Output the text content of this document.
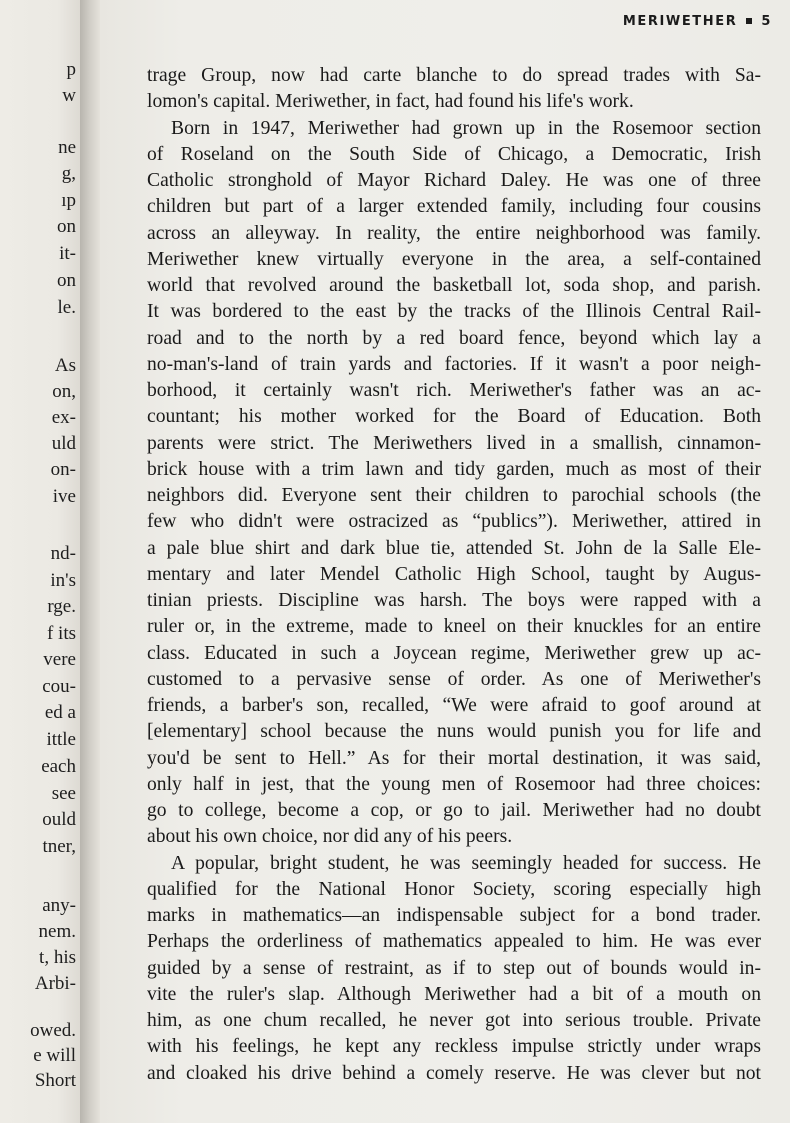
p
w
ne
g,
ıp
on
it-
on
le.
As
on,
ex-
uld
on-
ive
nd-
in's
rge.
f its
vere
cou-
ed a
ittle
each
see
ould
tner,
any-
nem.
t, his
Arbi-
owed.
e will
Short
MERIWETHER 5
trage Group, now had carte blanche to do spread trades with Sa-
lomon's capital. Meriwether, in fact, had found his life's work.
Born in 1947, Meriwether had grown up in the Rosemoor section
of Roseland on the South Side of Chicago, a Democratic, Irish
Catholic stronghold of Mayor Richard Daley. He was one of three
children but part of a larger extended family, including four cousins
across an alleyway. In reality, the entire neighborhood was family.
Meriwether knew virtually everyone in the area, a self-contained
world that revolved around the basketball lot, soda shop, and parish.
It was bordered to the east by the tracks of the Illinois Central Rail-
road and to the north by a red board fence, beyond which lay a
no-man's-land of train yards and factories. If it wasn't a poor neigh-
borhood, it certainly wasn't rich. Meriwether's father was an ac-
countant; his mother worked for the Board of Education. Both
parents were strict. The Meriwethers lived in a smallish, cinnamon-
brick house with a trim lawn and tidy garden, much as most of their
neighbors did. Everyone sent their children to parochial schools (the
few who didn't were ostracized as “publics”). Meriwether, attired in
a pale blue shirt and dark blue tie, attended St. John de la Salle Ele-
mentary and later Mendel Catholic High School, taught by Augus-
tinian priests. Discipline was harsh. The boys were rapped with a
ruler or, in the extreme, made to kneel on their knuckles for an entire
class. Educated in such a Joycean regime, Meriwether grew up ac-
customed to a pervasive sense of order. As one of Meriwether's
friends, a barber's son, recalled, “We were afraid to goof around at
[elementary] school because the nuns would punish you for life and
you'd be sent to Hell.” As for their mortal destination, it was said,
only half in jest, that the young men of Rosemoor had three choices:
go to college, become a cop, or go to jail. Meriwether had no doubt
about his own choice, nor did any of his peers.
A popular, bright student, he was seemingly headed for success. He
qualified for the National Honor Society, scoring especially high
marks in mathematics—an indispensable subject for a bond trader.
Perhaps the orderliness of mathematics appealed to him. He was ever
guided by a sense of restraint, as if to step out of bounds would in-
vite the ruler's slap. Although Meriwether had a bit of a mouth on
him, as one chum recalled, he never got into serious trouble. Private
with his feelings, he kept any reckless impulse strictly under wraps
and cloaked his drive behind a comely reserve. He was clever but not
